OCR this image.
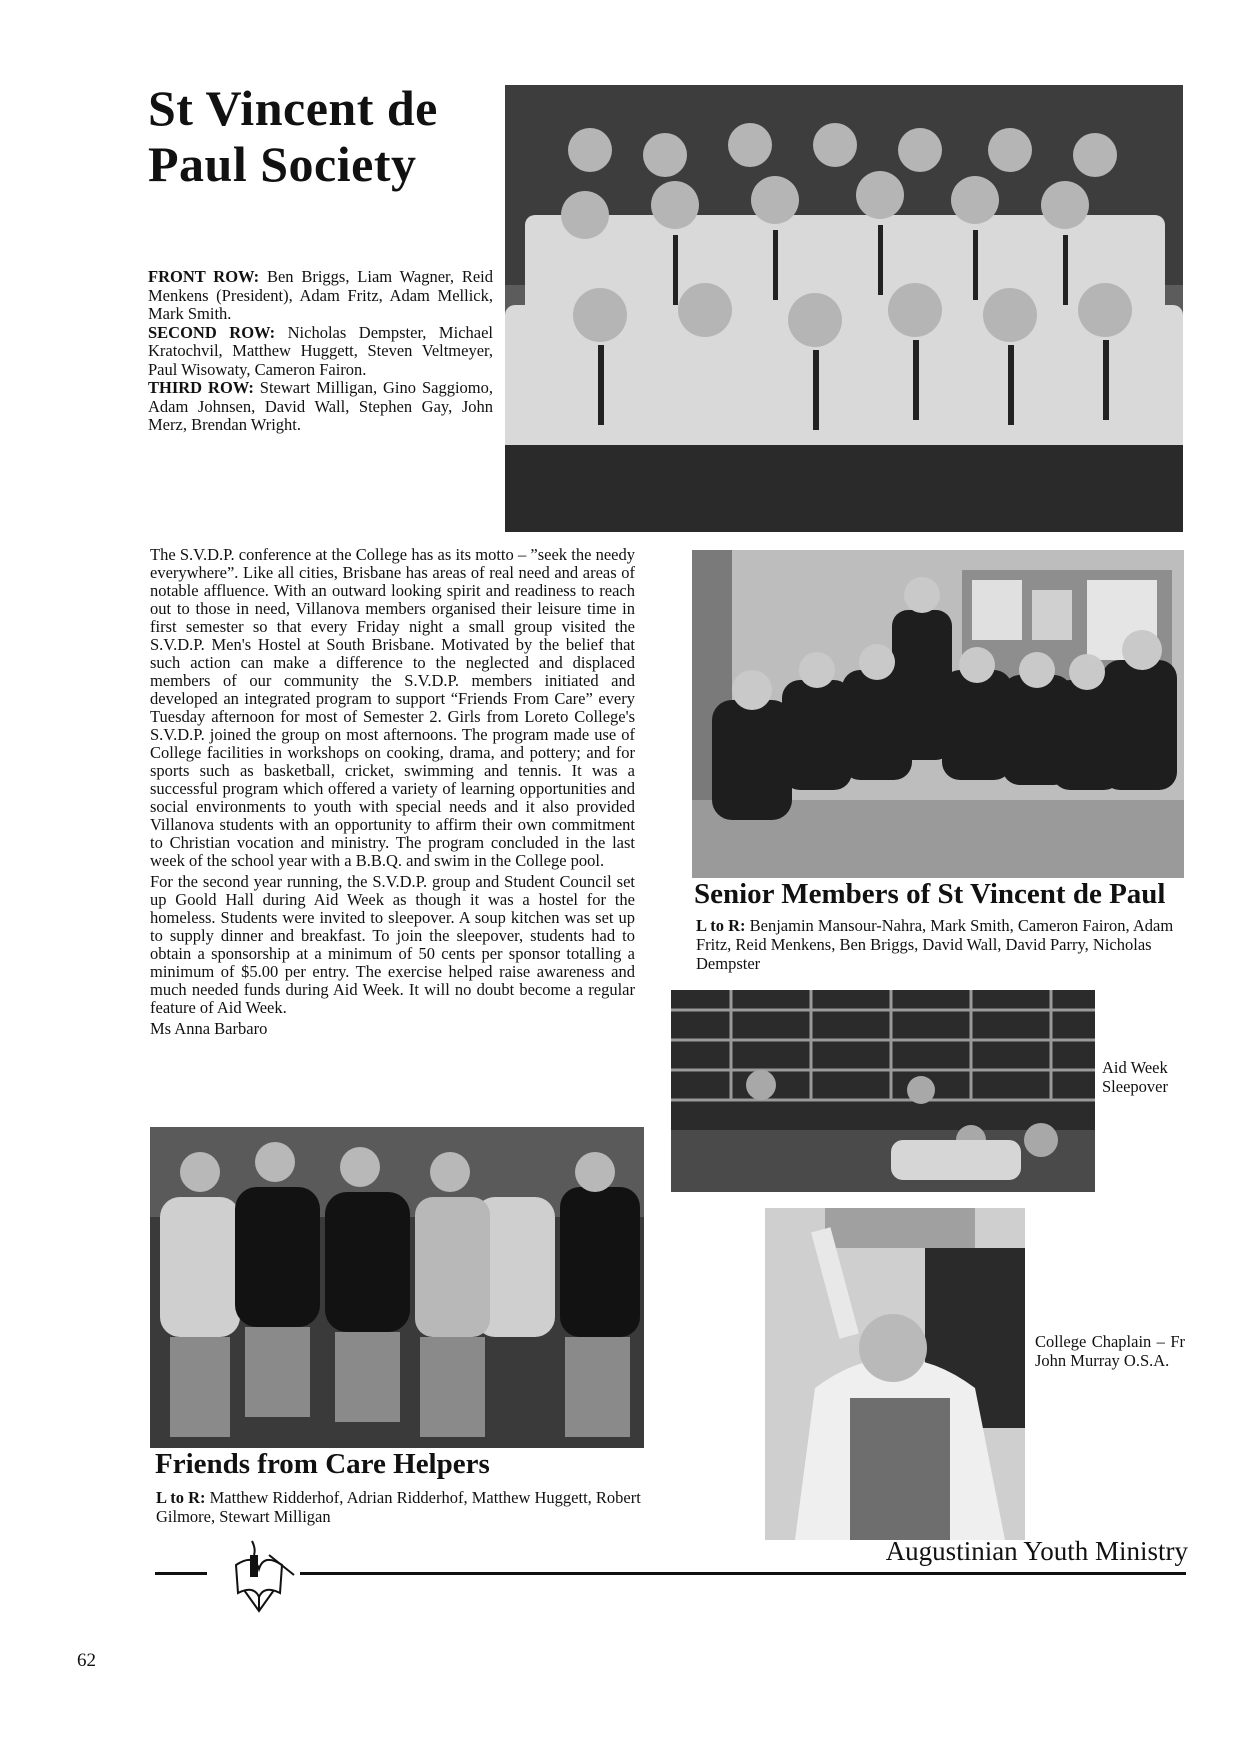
St Vincent de
Paul Society
FRONT ROW: Ben Briggs, Liam Wagner, Reid Menkens (President), Adam Fritz, Adam Mellick, Mark Smith.
SECOND ROW: Nicholas Dempster, Michael Kratochvil, Matthew Huggett, Steven Veltmeyer, Paul Wisowaty, Cameron Fairon.
THIRD ROW: Stewart Milligan, Gino Saggiomo, Adam Johnsen, David Wall, Stephen Gay, John Merz, Brendan Wright.

The S.V.D.P. conference at the College has as its motto – ”seek the needy everywhere”. Like all cities, Brisbane has areas of real need and areas of notable affluence. With an outward looking spirit and readiness to reach out to those in need, Villanova members organised their leisure time in first semester so that every Friday night a small group visited the S.V.D.P. Men's Hostel at South Brisbane. Motivated by the belief that such action can make a difference to the neglected and displaced members of our community the S.V.D.P. members initiated and developed an integrated program to support “Friends From Care” every Tuesday afternoon for most of Semester 2. Girls from Loreto College's S.V.D.P. joined the group on most afternoons. The program made use of College facilities in workshops on cooking, drama, and pottery; and for sports such as basketball, cricket, swimming and tennis. It was a successful program which offered a variety of learning opportunities and social environments to youth with special needs and it also provided Villanova students with an opportunity to affirm their own commitment to Christian vocation and ministry. The program concluded in the last week of the school year with a B.B.Q. and swim in the College pool.

For the second year running, the S.V.D.P. group and Student Council set up Goold Hall during Aid Week as though it was a hostel for the homeless. Students were invited to sleepover. A soup kitchen was set up to supply dinner and breakfast. To join the sleepover, students had to obtain a sponsorship at a minimum of 50 cents per sponsor totalling a minimum of $5.00 per entry. The exercise helped raise awareness and much needed funds during Aid Week. It will no doubt become a regular feature of Aid Week.

Ms Anna Barbaro

Senior Members of St Vincent de Paul
L to R: Benjamin Mansour-Nahra, Mark Smith, Cameron Fairon, Adam Fritz, Reid Menkens, Ben Briggs, David Wall, David Parry, Nicholas Dempster
Aid Week Sleepover
Friends from Care Helpers
L to R: Matthew Ridderhof, Adrian Ridderhof, Matthew Huggett, Robert Gilmore, Stewart Milligan
College Chaplain – Fr John Murray O.S.A.
Augustinian Youth Ministry
62
